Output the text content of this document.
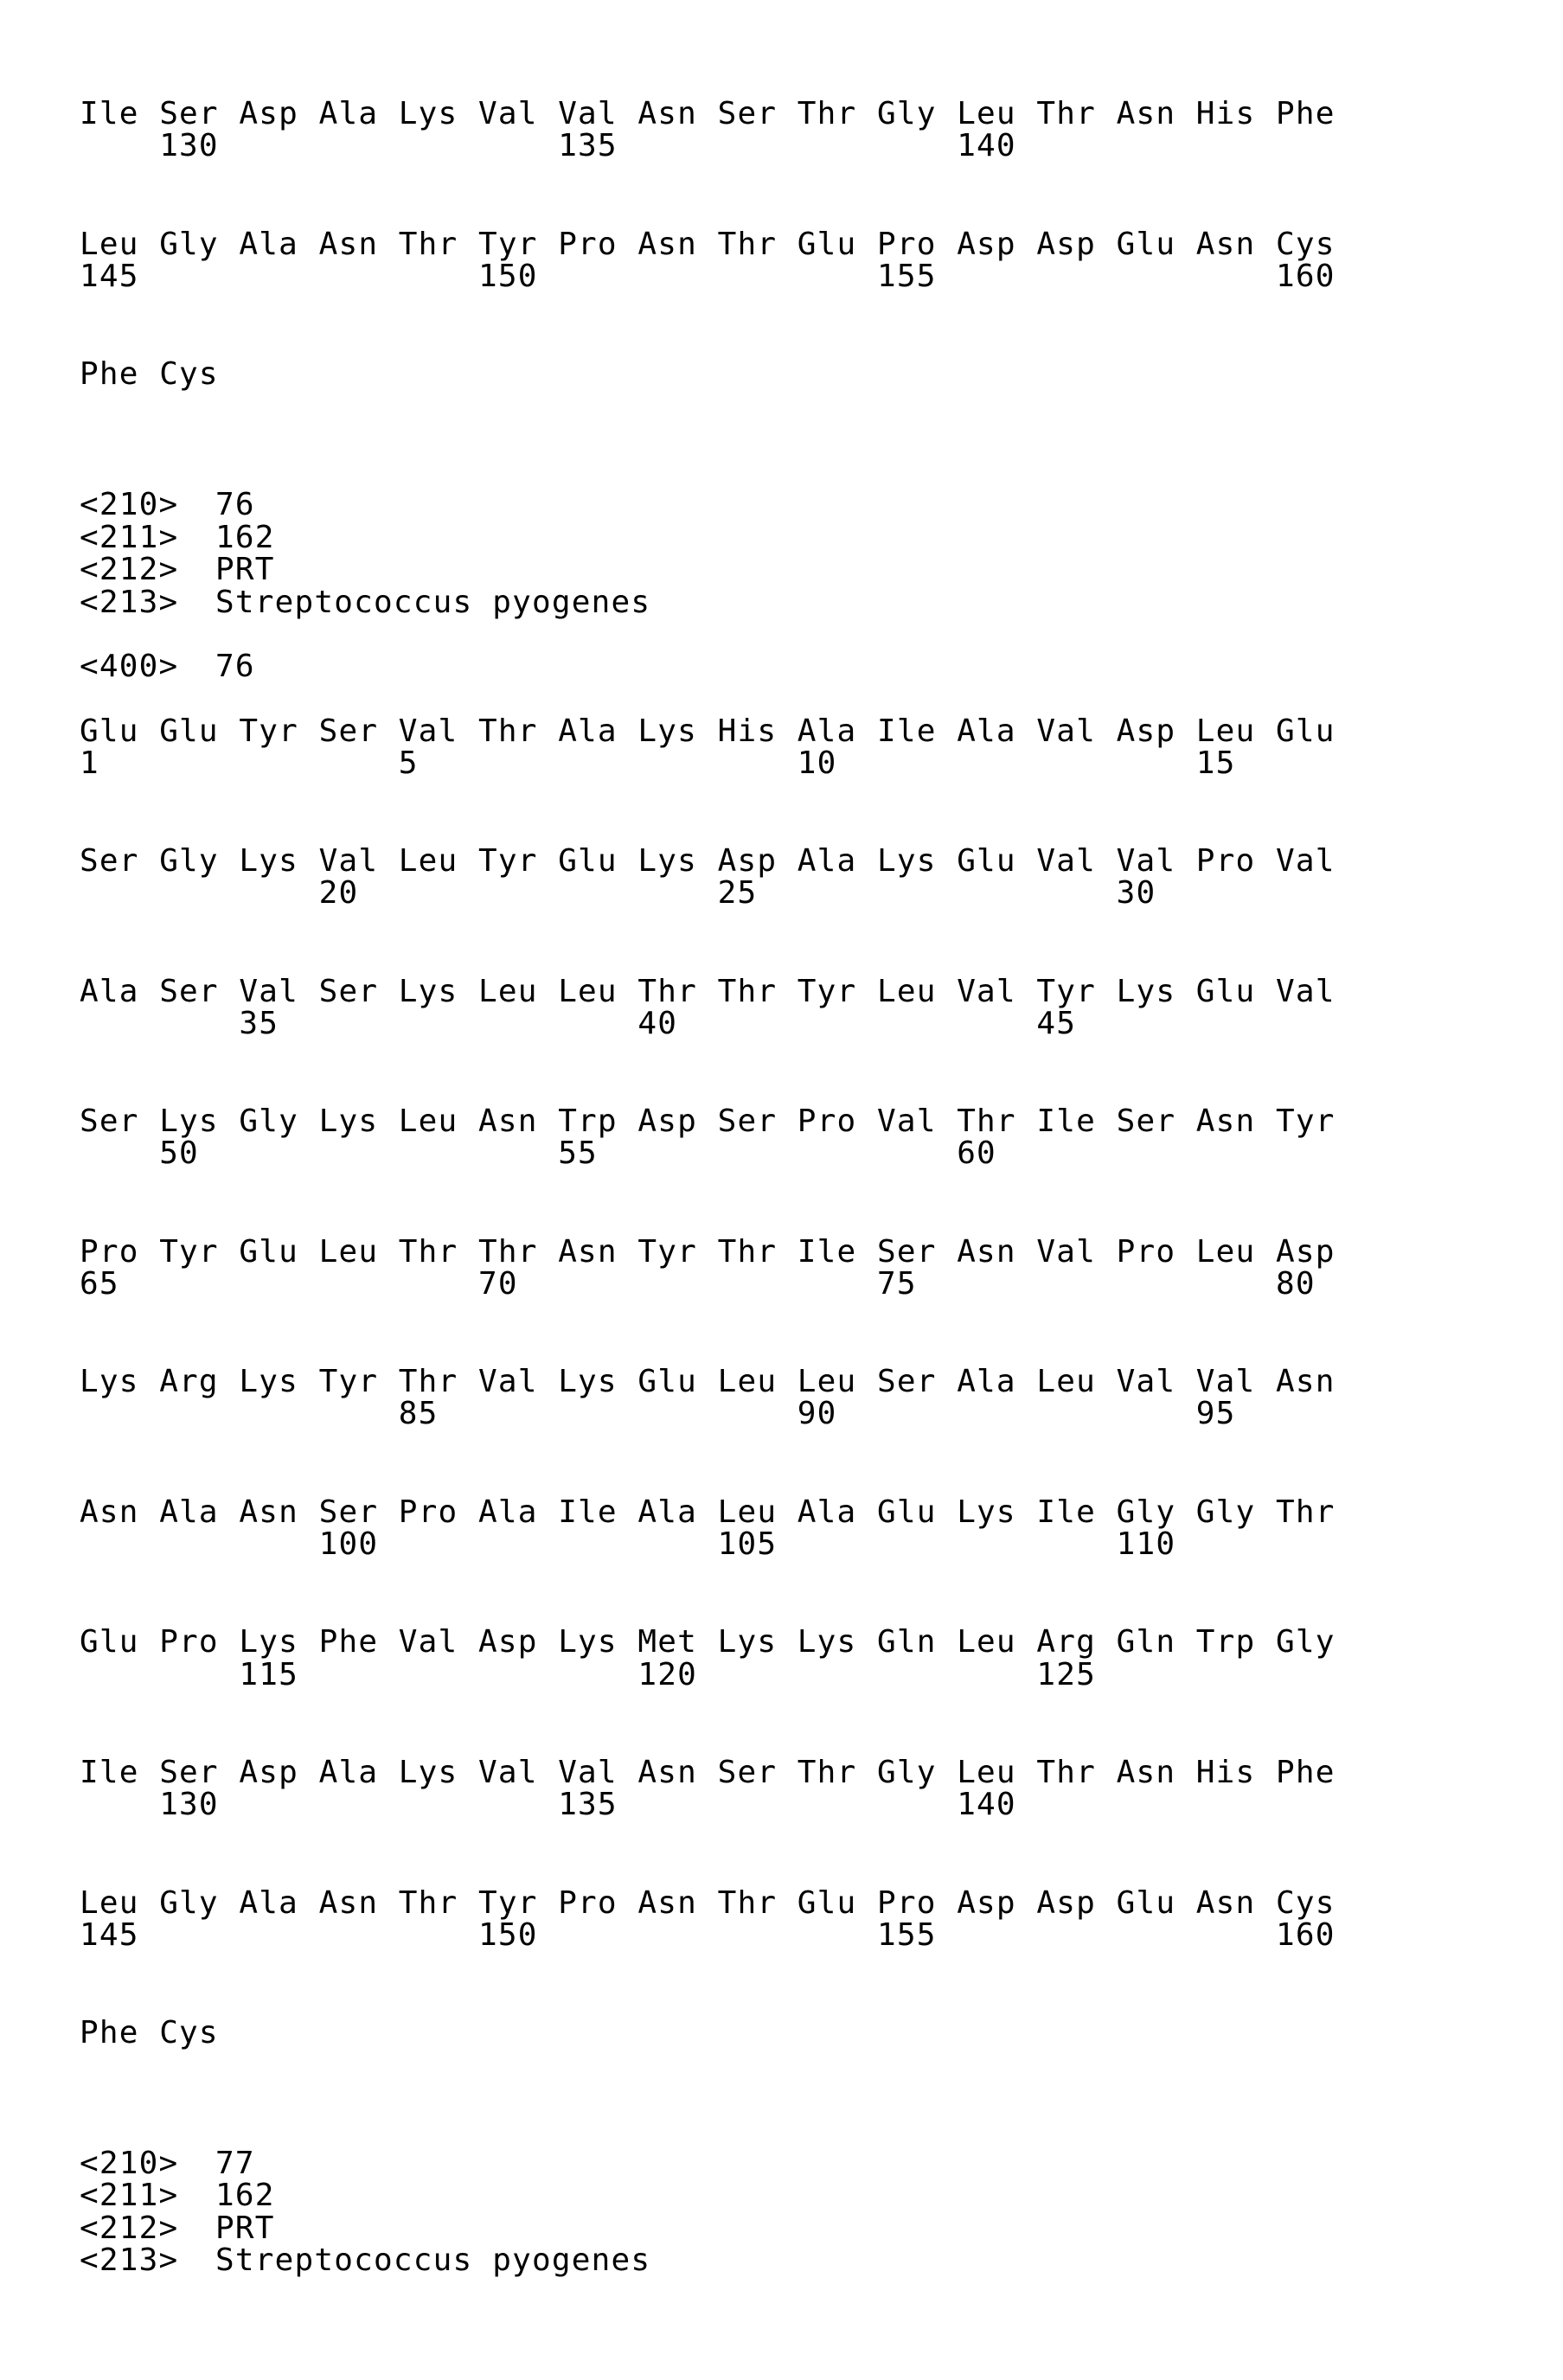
Ile Ser Asp Ala Lys Val Val Asn Ser Thr Gly Leu Thr Asn His Phe
130	135	140
Leu Gly Ala Asn Thr Tyr Pro Asn Thr Glu Pro Asp Asp Glu Asn Cys
145	150	155	160
Phe Cys
<210> 76
<211> 162
<212> PRT
<213> Streptococcus pyogenes
<400> 76
Glu Glu Tyr Ser Val Thr Ala Lys His Ala Ile Ala Val Asp Leu Glu
1	5	10	15
Ser Gly Lys Val Leu Tyr Glu Lys Asp Ala Lys Glu Val Val Pro Val
20	25	30
Ala Ser Val Ser Lys Leu Leu Thr Thr Tyr Leu Val Tyr Lys Glu Val
35	40	45
Ser Lys Gly Lys Leu Asn Trp Asp Ser Pro Val Thr Ile Ser Asn Tyr
50	55	60
Pro Tyr Glu Leu Thr Thr Asn Tyr Thr Ile Ser Asn Val Pro Leu Asp
65	70	75	80
Lys Arg Lys Tyr Thr Val Lys Glu Leu Leu Ser Ala Leu Val Val Asn
85	90	95
Asn Ala Asn Ser Pro Ala Ile Ala Leu Ala Glu Lys Ile Gly Gly Thr
100	105	110
Glu Pro Lys Phe Val Asp Lys Met Lys Lys Gln Leu Arg Gln Trp Gly
115	120	125
Ile Ser Asp Ala Lys Val Val Asn Ser Thr Gly Leu Thr Asn His Phe
130	135	140
Leu Gly Ala Asn Thr Tyr Pro Asn Thr Glu Pro Asp Asp Glu Asn Cys
145	150	155	160
Phe Cys
<210> 77
<211> 162
<212> PRT
<213> Streptococcus pyogenes
